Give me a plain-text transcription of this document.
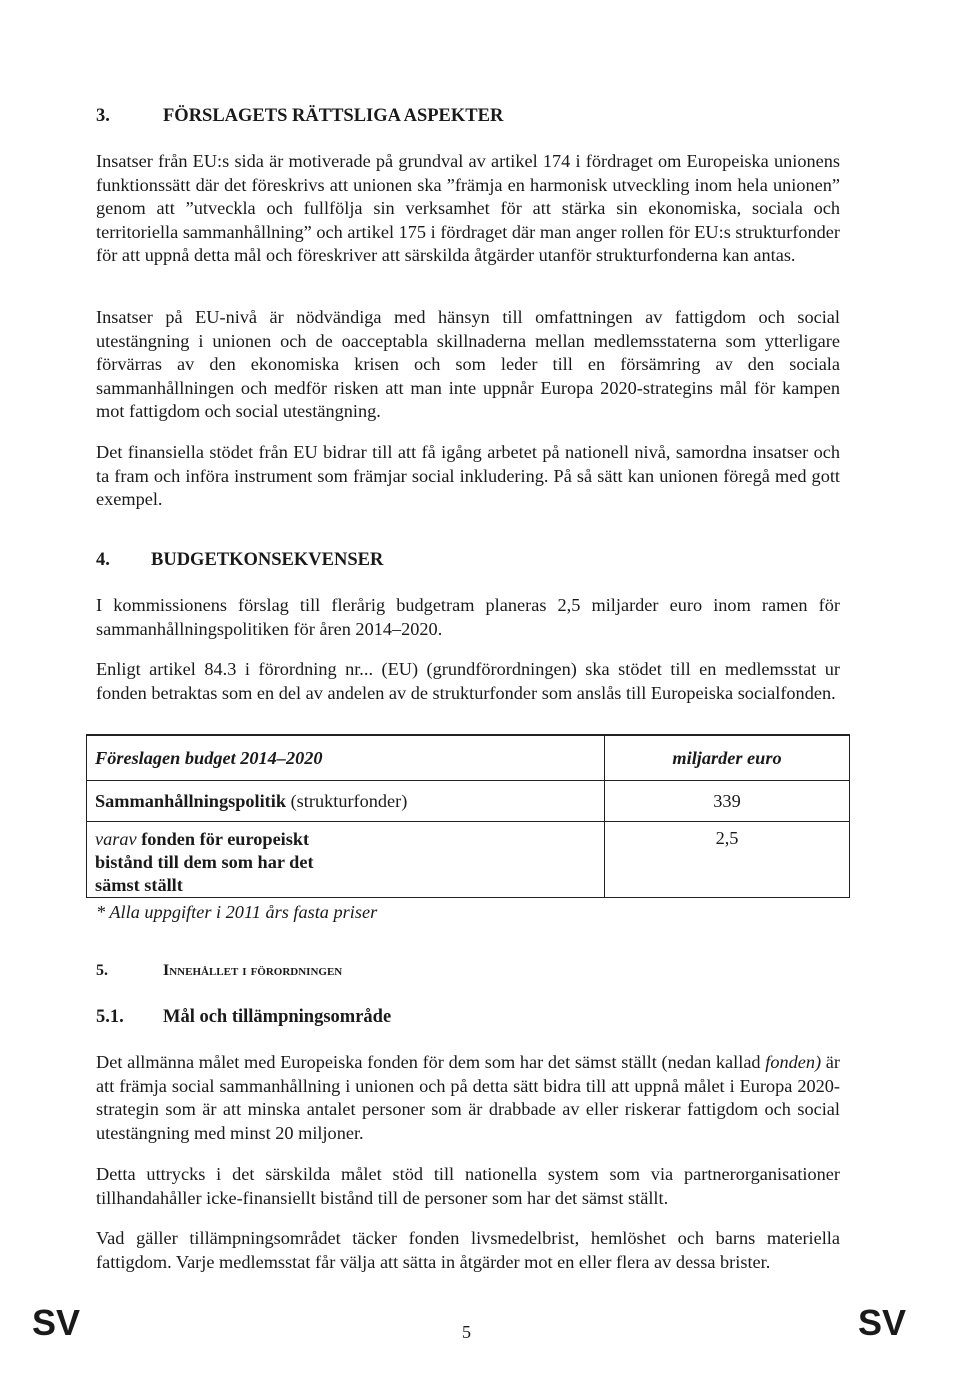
3.	FÖRSLAGETS RÄTTSLIGA ASPEKTER
Insatser från EU:s sida är motiverade på grundval av artikel 174 i fördraget om Europeiska unionens funktionssätt där det föreskrivs att unionen ska ”främja en harmonisk utveckling inom hela unionen” genom att ”utveckla och fullfölja sin verksamhet för att stärka sin ekonomiska, sociala och territoriella sammanhållning” och artikel 175 i fördraget där man anger rollen för EU:s strukturfonder för att uppnå detta mål och föreskriver att särskilda åtgärder utanför strukturfonderna kan antas.
Insatser på EU-nivå är nödvändiga med hänsyn till omfattningen av fattigdom och social utestängning i unionen och de oacceptabla skillnaderna mellan medlemsstaterna som ytterligare förvärras av den ekonomiska krisen och som leder till en försämring av den sociala sammanhållningen och medför risken att man inte uppnår Europa 2020-strategins mål för kampen mot fattigdom och social utestängning.
Det finansiella stödet från EU bidrar till att få igång arbetet på nationell nivå, samordna insatser och ta fram och införa instrument som främjar social inkludering. På så sätt kan unionen föregå med gott exempel.
4. BUDGETKONSEKVENSER
I kommissionens förslag till flerårig budgetram planeras 2,5 miljarder euro inom ramen för sammanhållningspolitiken för åren 2014–2020.
Enligt artikel 84.3 i förordning nr... (EU) (grundförordningen) ska stödet till en medlemsstat ur fonden betraktas som en del av andelen av de strukturfonder som anslås till Europeiska socialfonden.
Föreslagen budget 2014–2020	miljarder euro
Sammanhållningspolitik (strukturfonder)	339
varav fonden för europeiskt bistånd till dem som har det sämst ställt	2,5
* Alla uppgifter i 2011 års fasta priser
5.	Innehållet i förordningen
5.1. Mål och tillämpningsområde
Det allmänna målet med Europeiska fonden för dem som har det sämst ställt (nedan kallad fonden) är att främja social sammanhållning i unionen och på detta sätt bidra till att uppnå målet i Europa 2020-strategin som är att minska antalet personer som är drabbade av eller riskerar fattigdom och social utestängning med minst 20 miljoner.
Detta uttrycks i det särskilda målet stöd till nationella system som via partnerorganisationer tillhandahåller icke-finansiellt bistånd till de personer som har det sämst ställt.
Vad gäller tillämpningsområdet täcker fonden livsmedelbrist, hemlöshet och barns materiella fattigdom. Varje medlemsstat får välja att sätta in åtgärder mot en eller flera av dessa brister.
SV	5	SV
